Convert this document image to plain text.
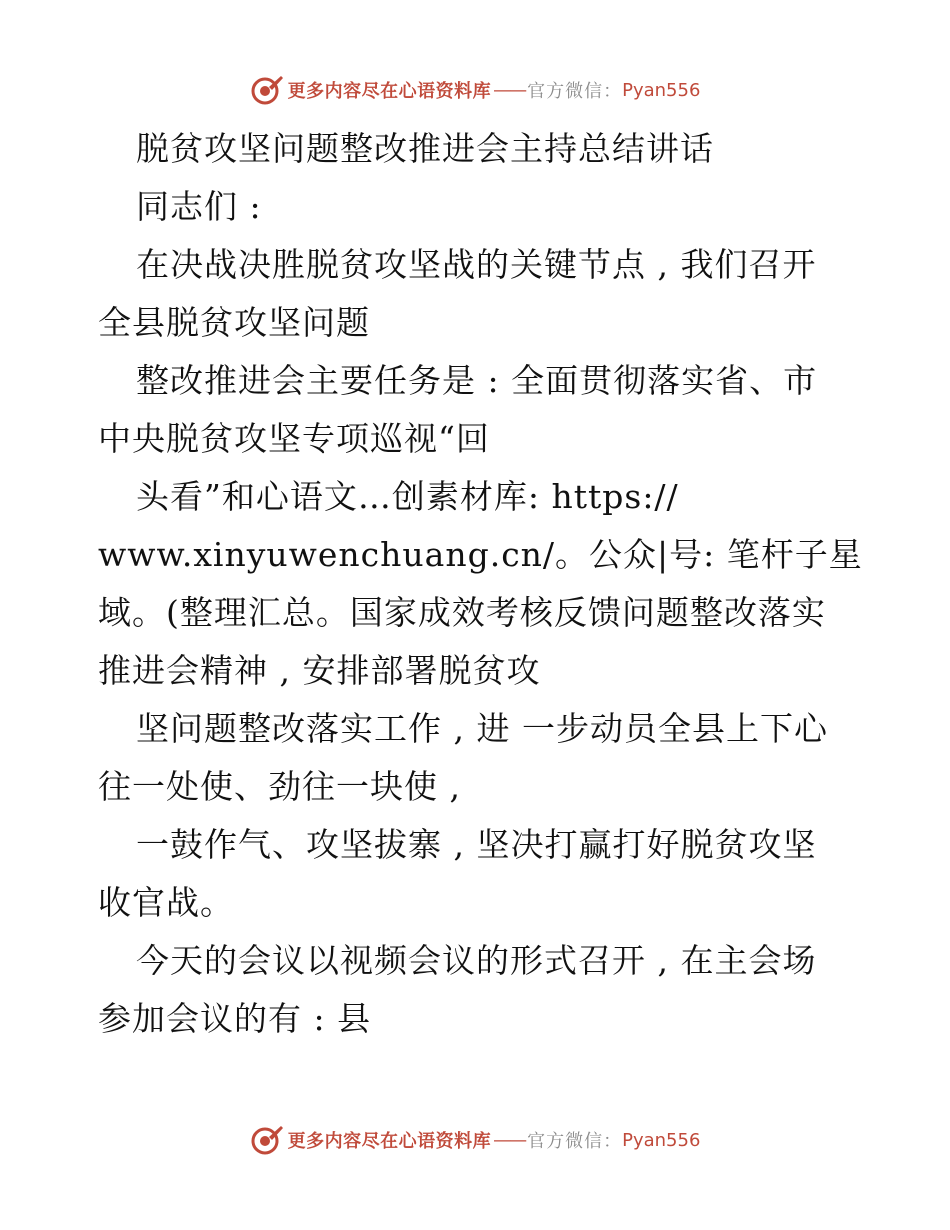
更多内容尽在心语资料库 —— 官方微信： Pyan556
脱贫攻坚问题整改推进会主持总结讲话
同志们 :
在决战决胜脱贫攻坚战的关键节点 , 我们召开
全县脱贫攻坚问题
整改推进会主要任务是 : 全面贯彻落实省、市
中央脱贫攻坚专项巡视“回
头看”和心语文…创素材库: https://
www.xinyuwenchuang.cn/。公众|号: 笔杆子星
域。(整理汇总。国家成效考核反馈问题整改落实
推进会精神 , 安排部署脱贫攻
坚问题整改落实工作 , 进 一步动员全县上下心
往一处使、劲往一块使 ,
一鼓作气、攻坚拔寨 , 坚决打赢打好脱贫攻坚
收官战。
今天的会议以视频会议的形式召开 , 在主会场
参加会议的有 : 县
更多内容尽在心语资料库 —— 官方微信： Pyan556
